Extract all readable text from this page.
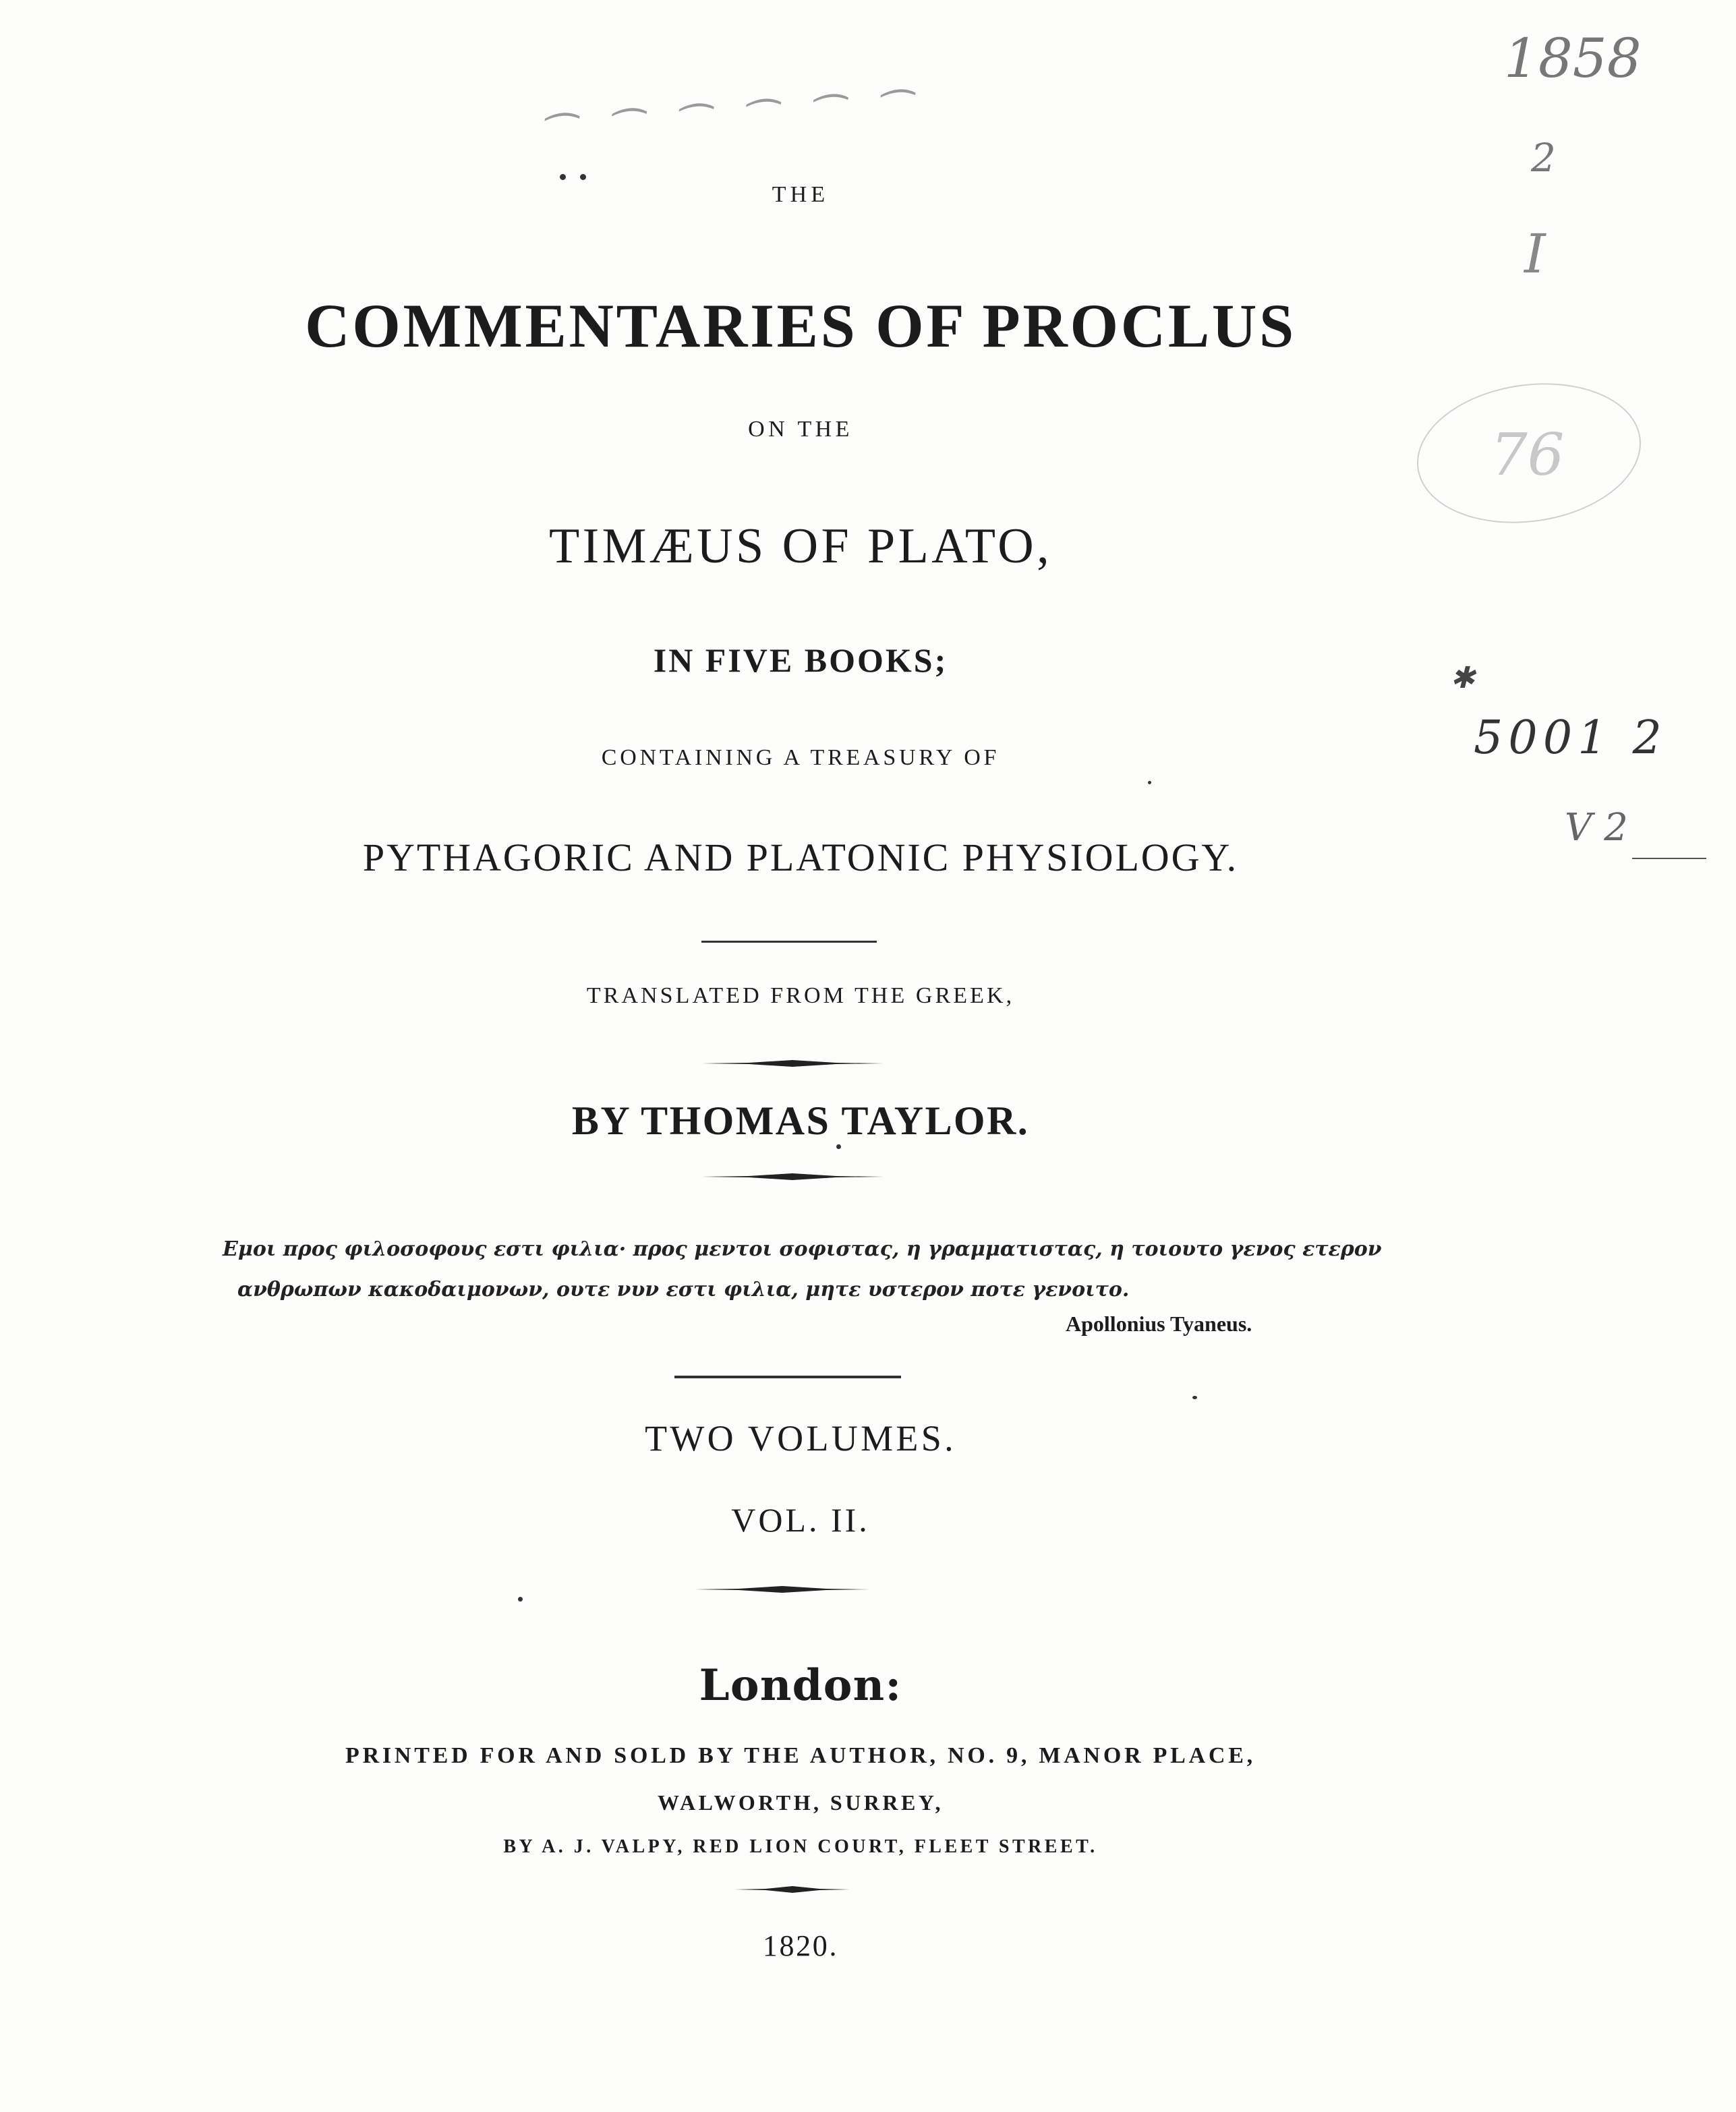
⁀ ⁀ ⁀ ⁀ ⁀ ⁀
1858
2
I
76
✱
5001 2
V 2
THE
COMMENTARIES OF PROCLUS
ON THE
TIMÆUS OF PLATO,
IN FIVE BOOKS;
CONTAINING A TREASURY OF
PYTHAGORIC AND PLATONIC PHYSIOLOGY.
TRANSLATED FROM THE GREEK,
BY THOMAS TAYLOR.
Εμοι προς φιλοσοφους εστι φιλια· προς μεντοι σοφιστας, η γραμματιστας, η τοιουτο γενος ετερον
ανθρωπων κακοδαιμονων, ουτε νυν εστι φιλια, μητε υστερον ποτε γενοιτο.
Apollonius Tyaneus.
TWO VOLUMES.
VOL. II.
London:
PRINTED FOR AND SOLD BY THE AUTHOR, NO. 9, MANOR PLACE,
WALWORTH, SURREY,
BY A. J. VALPY, RED LION COURT, FLEET STREET.
1820.
